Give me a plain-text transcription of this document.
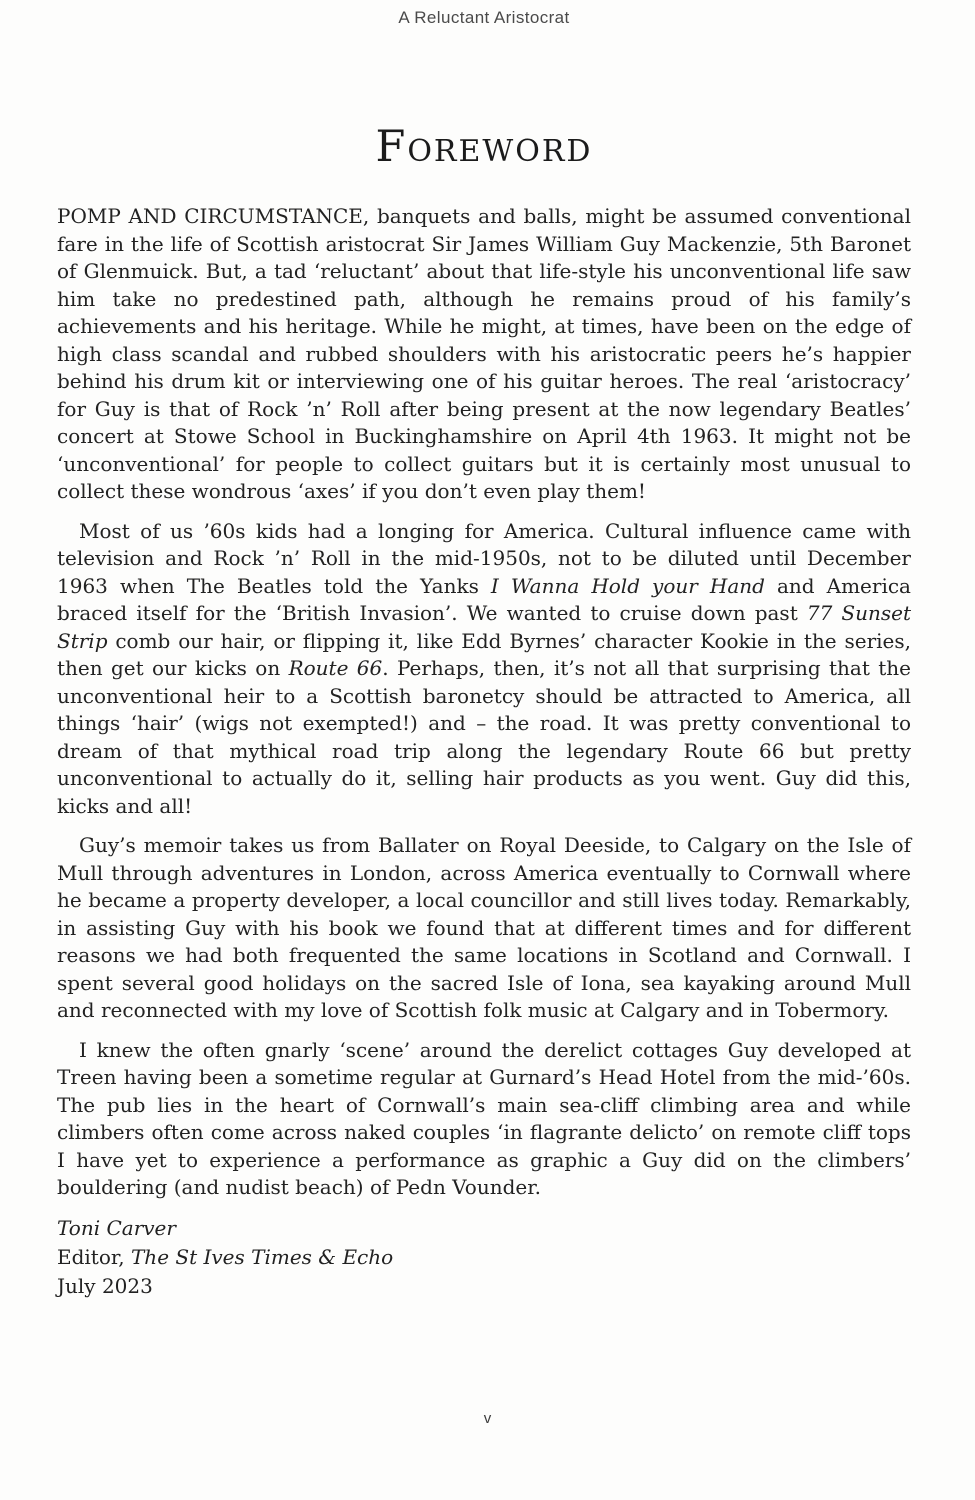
A Reluctant Aristocrat
Foreword

POMP AND CIRCUMSTANCE, banquets and balls, might be assumed conventional fare in the life of Scottish aristocrat Sir James William Guy Mackenzie, 5th Baronet of Glenmuick. But, a tad ‘reluctant’ about that life-style his unconventional life saw him take no predestined path, although he remains proud of his family’s achievements and his heritage. While he might, at times, have been on the edge of high class scandal and rubbed shoulders with his aristocratic peers he’s happier behind his drum kit or interviewing one of his guitar heroes. The real ‘aristocracy’ for Guy is that of Rock ’n’ Roll after being present at the now legendary Beatles’ concert at Stowe School in Buckinghamshire on April 4th 1963. It might not be ‘unconventional’ for people to collect guitars but it is certainly most unusual to collect these wondrous ‘axes’ if you don’t even play them!

Most of us ’60s kids had a longing for America. Cultural influence came with television and Rock ’n’ Roll in the mid-1950s, not to be diluted until December 1963 when The Beatles told the Yanks I Wanna Hold your Hand and America braced itself for the ‘British Invasion’. We wanted to cruise down past 77 Sunset Strip comb our hair, or flipping it, like Edd Byrnes’ character Kookie in the series, then get our kicks on Route 66. Perhaps, then, it’s not all that surprising that the unconventional heir to a Scottish baronetcy should be attracted to America, all things ‘hair’ (wigs not exempted!) and – the road. It was pretty conventional to dream of that mythical road trip along the legendary Route 66 but pretty unconventional to actually do it, selling hair products as you went. Guy did this, kicks and all!

Guy’s memoir takes us from Ballater on Royal Deeside, to Calgary on the Isle of Mull through adventures in London, across America eventually to Cornwall where he became a property developer, a local councillor and still lives today. Remarkably, in assisting Guy with his book we found that at different times and for different reasons we had both frequented the same locations in Scotland and Cornwall. I spent several good holidays on the sacred Isle of Iona, sea kayaking around Mull and reconnected with my love of Scottish folk music at Calgary and in Tobermory.

I knew the often gnarly ‘scene’ around the derelict cottages Guy developed at Treen having been a sometime regular at Gurnard’s Head Hotel from the mid-’60s. The pub lies in the heart of Cornwall’s main sea-cliff climbing area and while climbers often come across naked couples ‘in flagrante delicto’ on remote cliff tops I have yet to experience a performance as graphic a Guy did on the climbers’ bouldering (and nudist beach) of Pedn Vounder.

Toni Carver

Editor, The St Ives Times & Echo

July 2023

v
